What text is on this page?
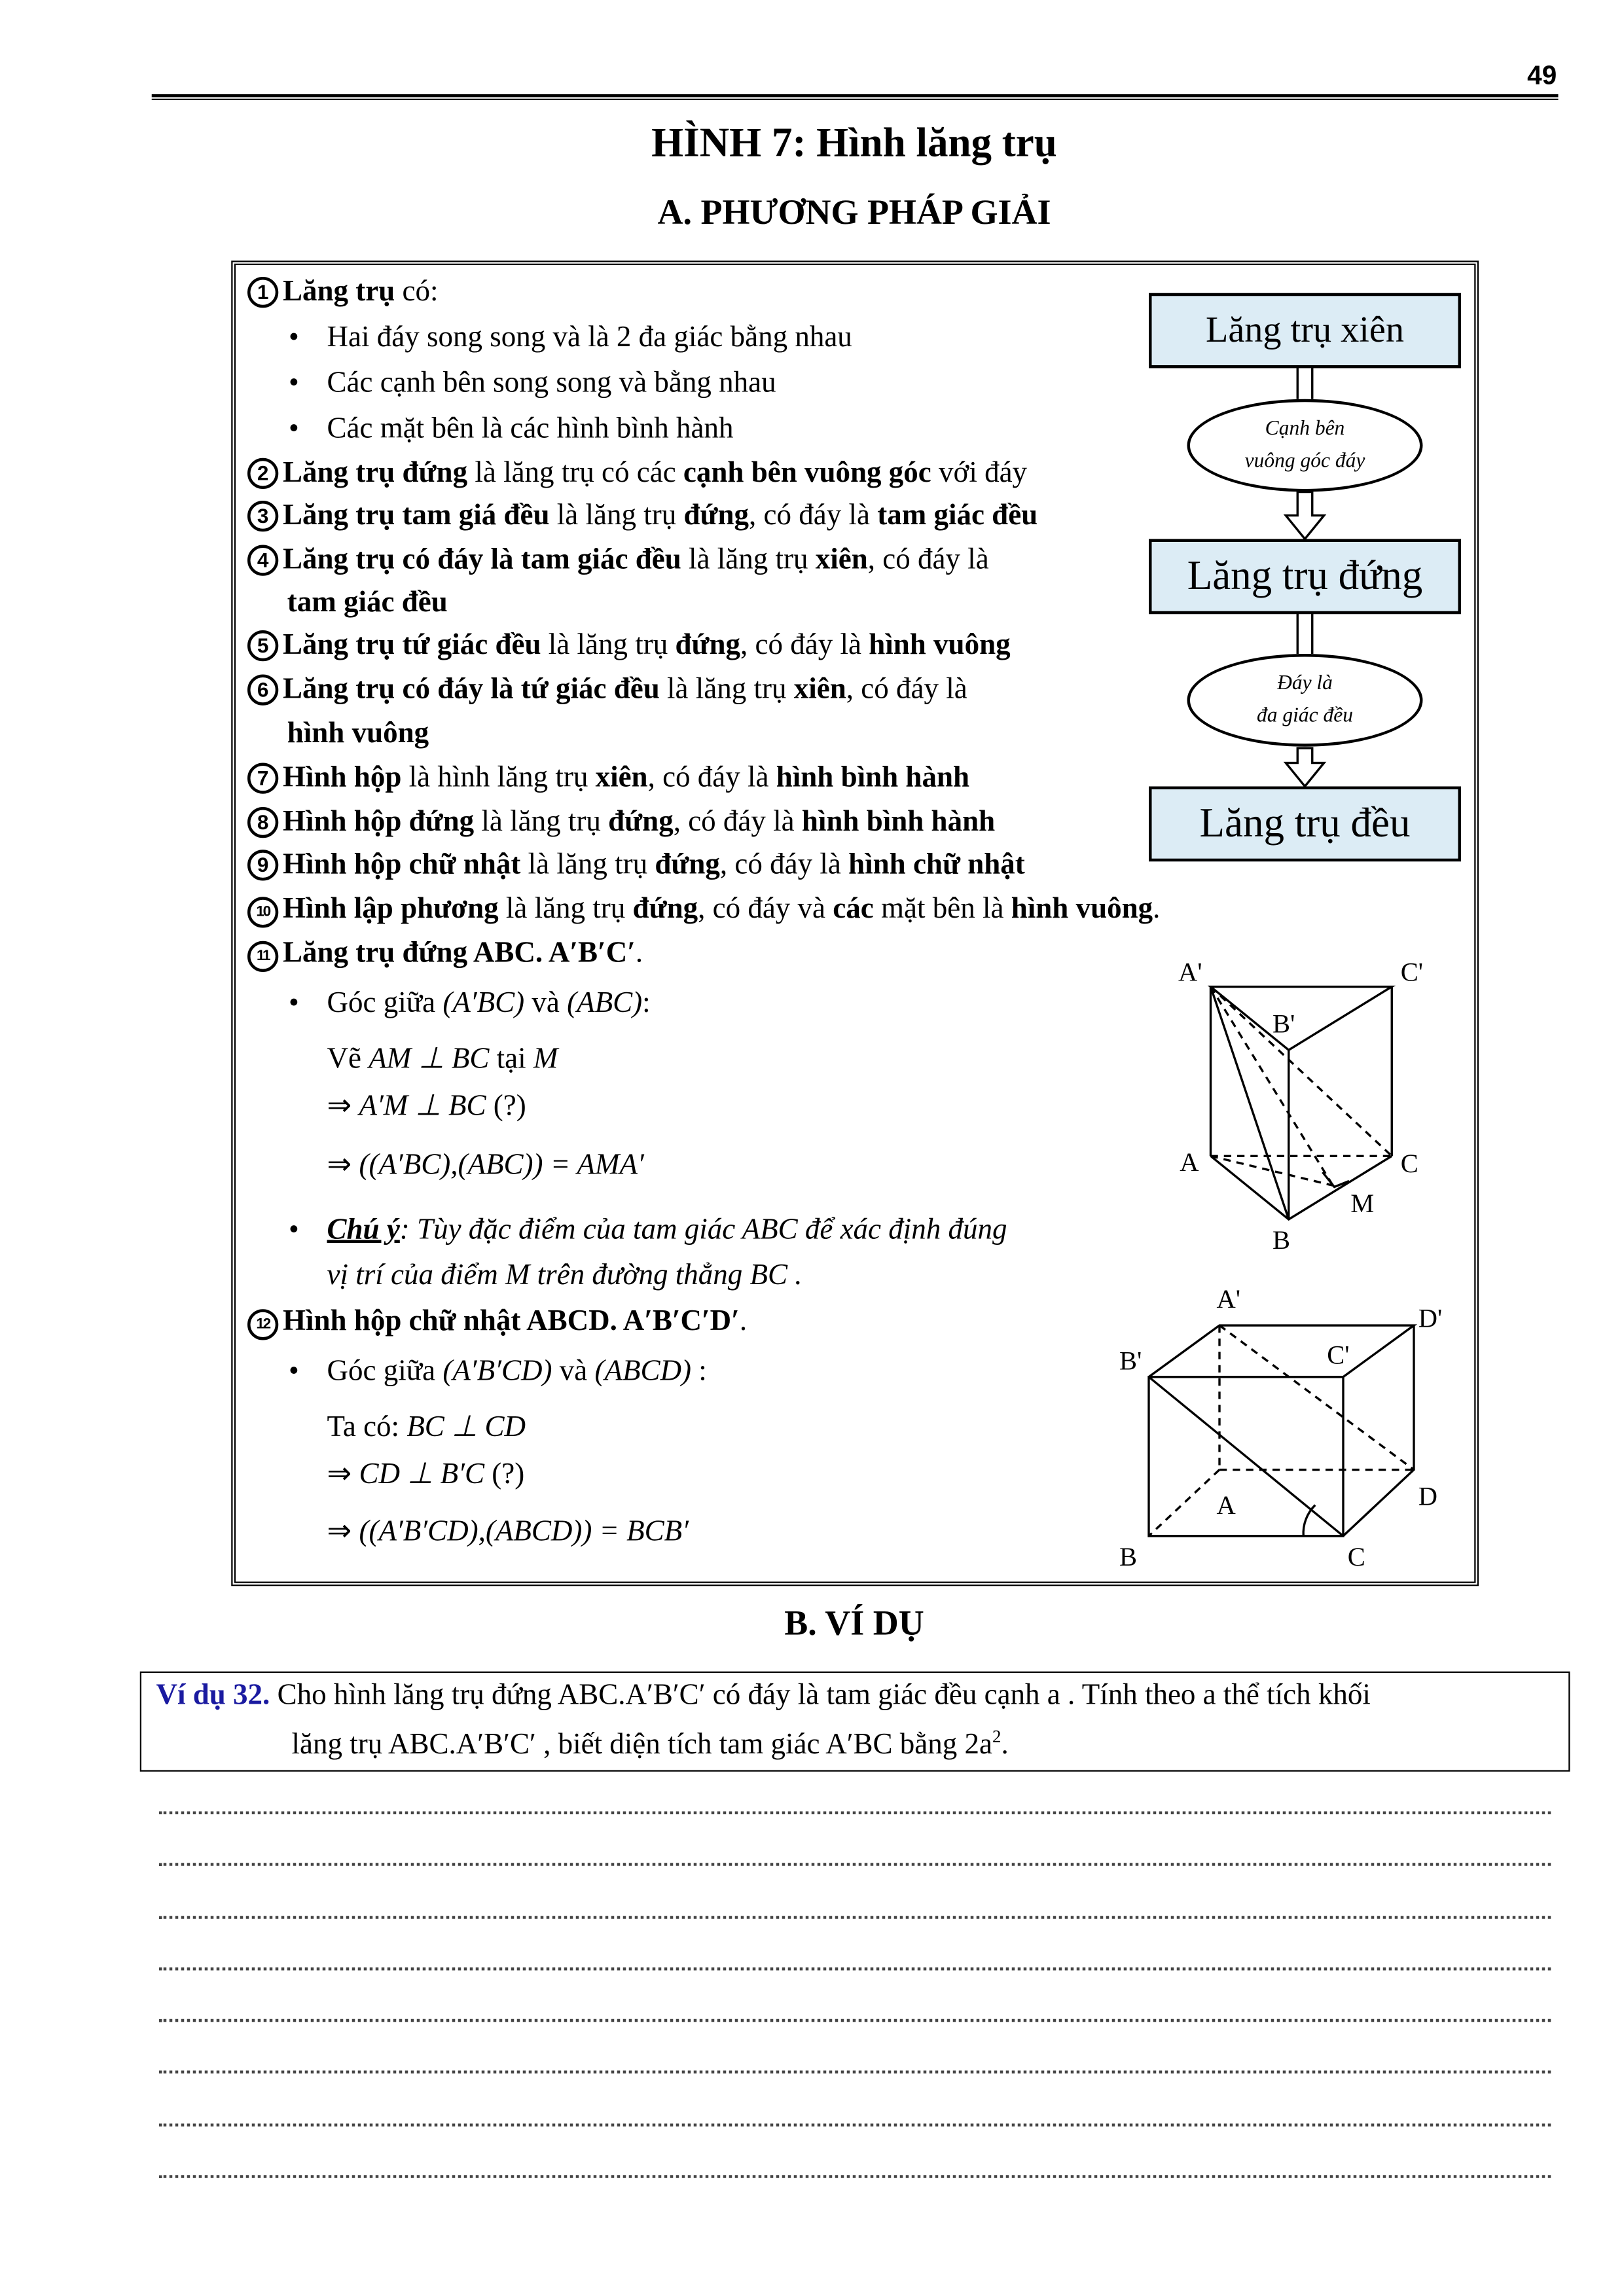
49
HÌNH 7: Hình lăng trụ
A. PHƯƠNG PHÁP GIẢI
1 Lăng trụ có:
• Hai đáy song song và là 2 đa giác bằng nhau
• Các cạnh bên song song và bằng nhau
• Các mặt bên là các hình bình hành
2 Lăng trụ đứng là lăng trụ có các cạnh bên vuông góc với đáy
3 Lăng trụ tam giá đều là lăng trụ đứng, có đáy là tam giác đều
4 Lăng trụ có đáy là tam giác đều là lăng trụ xiên, có đáy là
tam giác đều
5 Lăng trụ tứ giác đều là lăng trụ đứng, có đáy là hình vuông
6 Lăng trụ có đáy là tứ giác đều là lăng trụ xiên, có đáy là
hình vuông
7 Hình hộp là hình lăng trụ xiên, có đáy là hình bình hành
8 Hình hộp đứng là lăng trụ đứng, có đáy là hình bình hành
9 Hình hộp chữ nhật là lăng trụ đứng, có đáy là hình chữ nhật
10 Hình lập phương là lăng trụ đứng, có đáy và các mặt bên là hình vuông.
11 Lăng trụ đứng ABC. A′B′C′.
• Góc giữa (A′BC) và (ABC):
Vẽ AM ⊥ BC tại M
⇒ A′M ⊥ BC (?)
⇒ ((A′BC),(ABC)) = AMA′
• Chú ý: Tùy đặc điểm của tam giác ABC để xác định đúng
vị trí của điểm M trên đường thẳng BC .
12 Hình hộp chữ nhật ABCD. A′B′C′D′.
• Góc giữa (A′B′CD) và (ABCD) :
Ta có: BC ⊥ CD
⇒ CD ⊥ B′C (?)
⇒ ((A′B′CD),(ABCD)) = BCB′
Lăng trụ xiên
Cạnh bên
vuông góc đáy
Lăng trụ đứng
Đáy là
đa giác đều
Lăng trụ đều
A'	C'
B'
A	C
M
B
A'
D'
B'	C'
A	D
B	C
B. VÍ DỤ
Ví dụ 32. Cho hình lăng trụ đứng ABC.A′B′C′ có đáy là tam giác đều cạnh a . Tính theo a thể tích khối
lăng trụ ABC.A′B′C′ , biết diện tích tam giác A′BC bằng $2a^2$.
